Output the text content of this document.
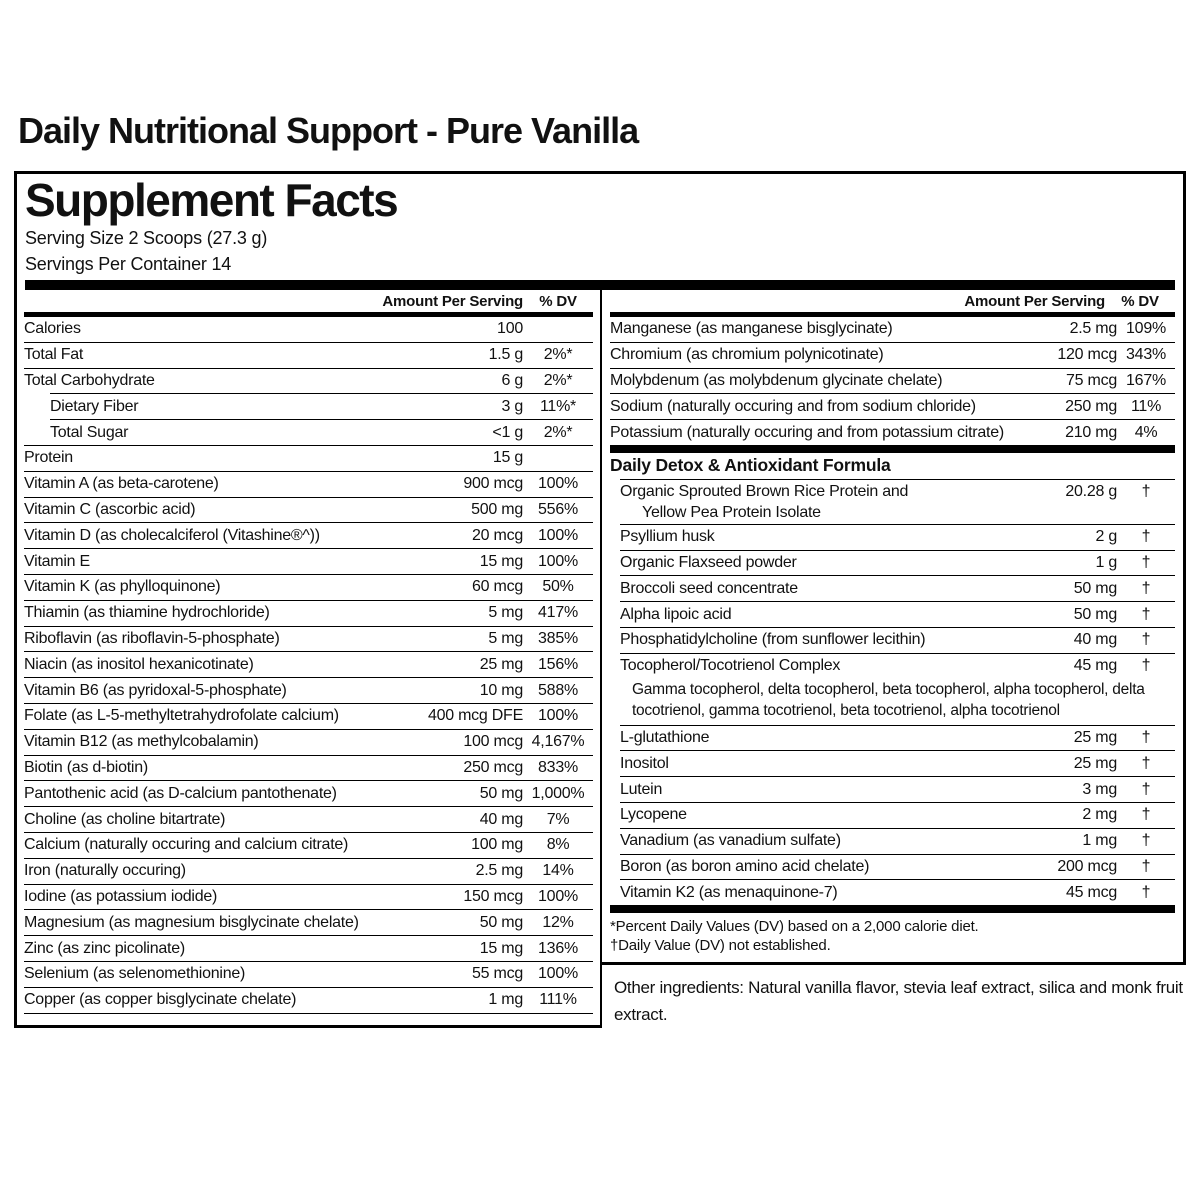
Daily Nutritional Support - Pure Vanilla
Supplement Facts
Serving Size 2 Scoops (27.3 g)
Servings Per Container 14
Amount Per Serving	% DV
Calories	100
Total Fat	1.5 g	2%*
Total Carbohydrate	6 g	2%*
Dietary Fiber	3 g	11%*
Total Sugar	<1 g	2%*
Protein	15 g
Vitamin A (as beta-carotene)	900 mcg 100%
Vitamin C (ascorbic acid)	500 mg 556%
Vitamin D (as cholecalciferol (Vitashine®^))	20 mcg 100%
Vitamin E	15 mg 100%
Vitamin K (as phylloquinone)	60 mcg	50%
Thiamin (as thiamine hydrochloride)	5 mg 417%
Riboflavin (as riboflavin-5-phosphate)	5 mg 385%
Niacin (as inositol hexanicotinate)	25 mg 156%
Vitamin B6 (as pyridoxal-5-phosphate)	10 mg 588%
Folate (as L-5-methyltetrahydrofolate calcium)	400 mcg DFE 100%
Vitamin B12 (as methylcobalamin)	100 mcg 4,167%
Biotin (as d-biotin)	250 mcg 833%
Pantothenic acid (as D-calcium pantothenate)	50 mg 1,000%
Choline (as choline bitartrate)	40 mg	7%
Calcium (naturally occuring and calcium citrate)	100 mg	8%
Iron (naturally occuring)	2.5 mg	14%
Iodine (as potassium iodide)	150 mcg 100%
Magnesium (as magnesium bisglycinate chelate)	50 mg	12%
Zinc (as zinc picolinate)	15 mg 136%
Selenium (as selenomethionine)	55 mcg 100%
Copper (as copper bisglycinate chelate)	1 mg	111%
Amount Per Serving	% DV
Manganese (as manganese bisglycinate)	2.5 mg 109%
Chromium (as chromium polynicotinate)	120 mcg 343%
Molybdenum (as molybdenum glycinate chelate)	75 mcg 167%
Sodium (naturally occuring and from sodium chloride)	250 mg 11%
Potassium (naturally occuring and from potassium citrate)	210 mg	4%
Daily Detox & Antioxidant Formula
Organic Sprouted Brown Rice Protein and	20.28 g	†
Yellow Pea Protein Isolate
Psyllium husk	2 g	†
Organic Flaxseed powder	1 g	†
Broccoli seed concentrate	50 mg	†
Alpha lipoic acid	50 mg	†
Phosphatidylcholine (from sunflower lecithin)	40 mg	†
Tocopherol/Tocotrienol Complex	45 mg	†
Gamma tocopherol, delta tocopherol, beta tocopherol, alpha tocopherol, delta tocotrienol, gamma tocotrienol, beta tocotrienol, alpha tocotrienol
L-glutathione	25 mg	†
Inositol	25 mg	†
Lutein	3 mg	†
Lycopene	2 mg	†
Vanadium (as vanadium sulfate)	1 mg	†
Boron (as boron amino acid chelate)	200 mcg	†
Vitamin K2 (as menaquinone-7)	45 mcg	†
*Percent Daily Values (DV) based on a 2,000 calorie diet.
†Daily Value (DV) not established.
Other ingredients: Natural vanilla flavor, stevia leaf extract, silica and monk fruit extract.
